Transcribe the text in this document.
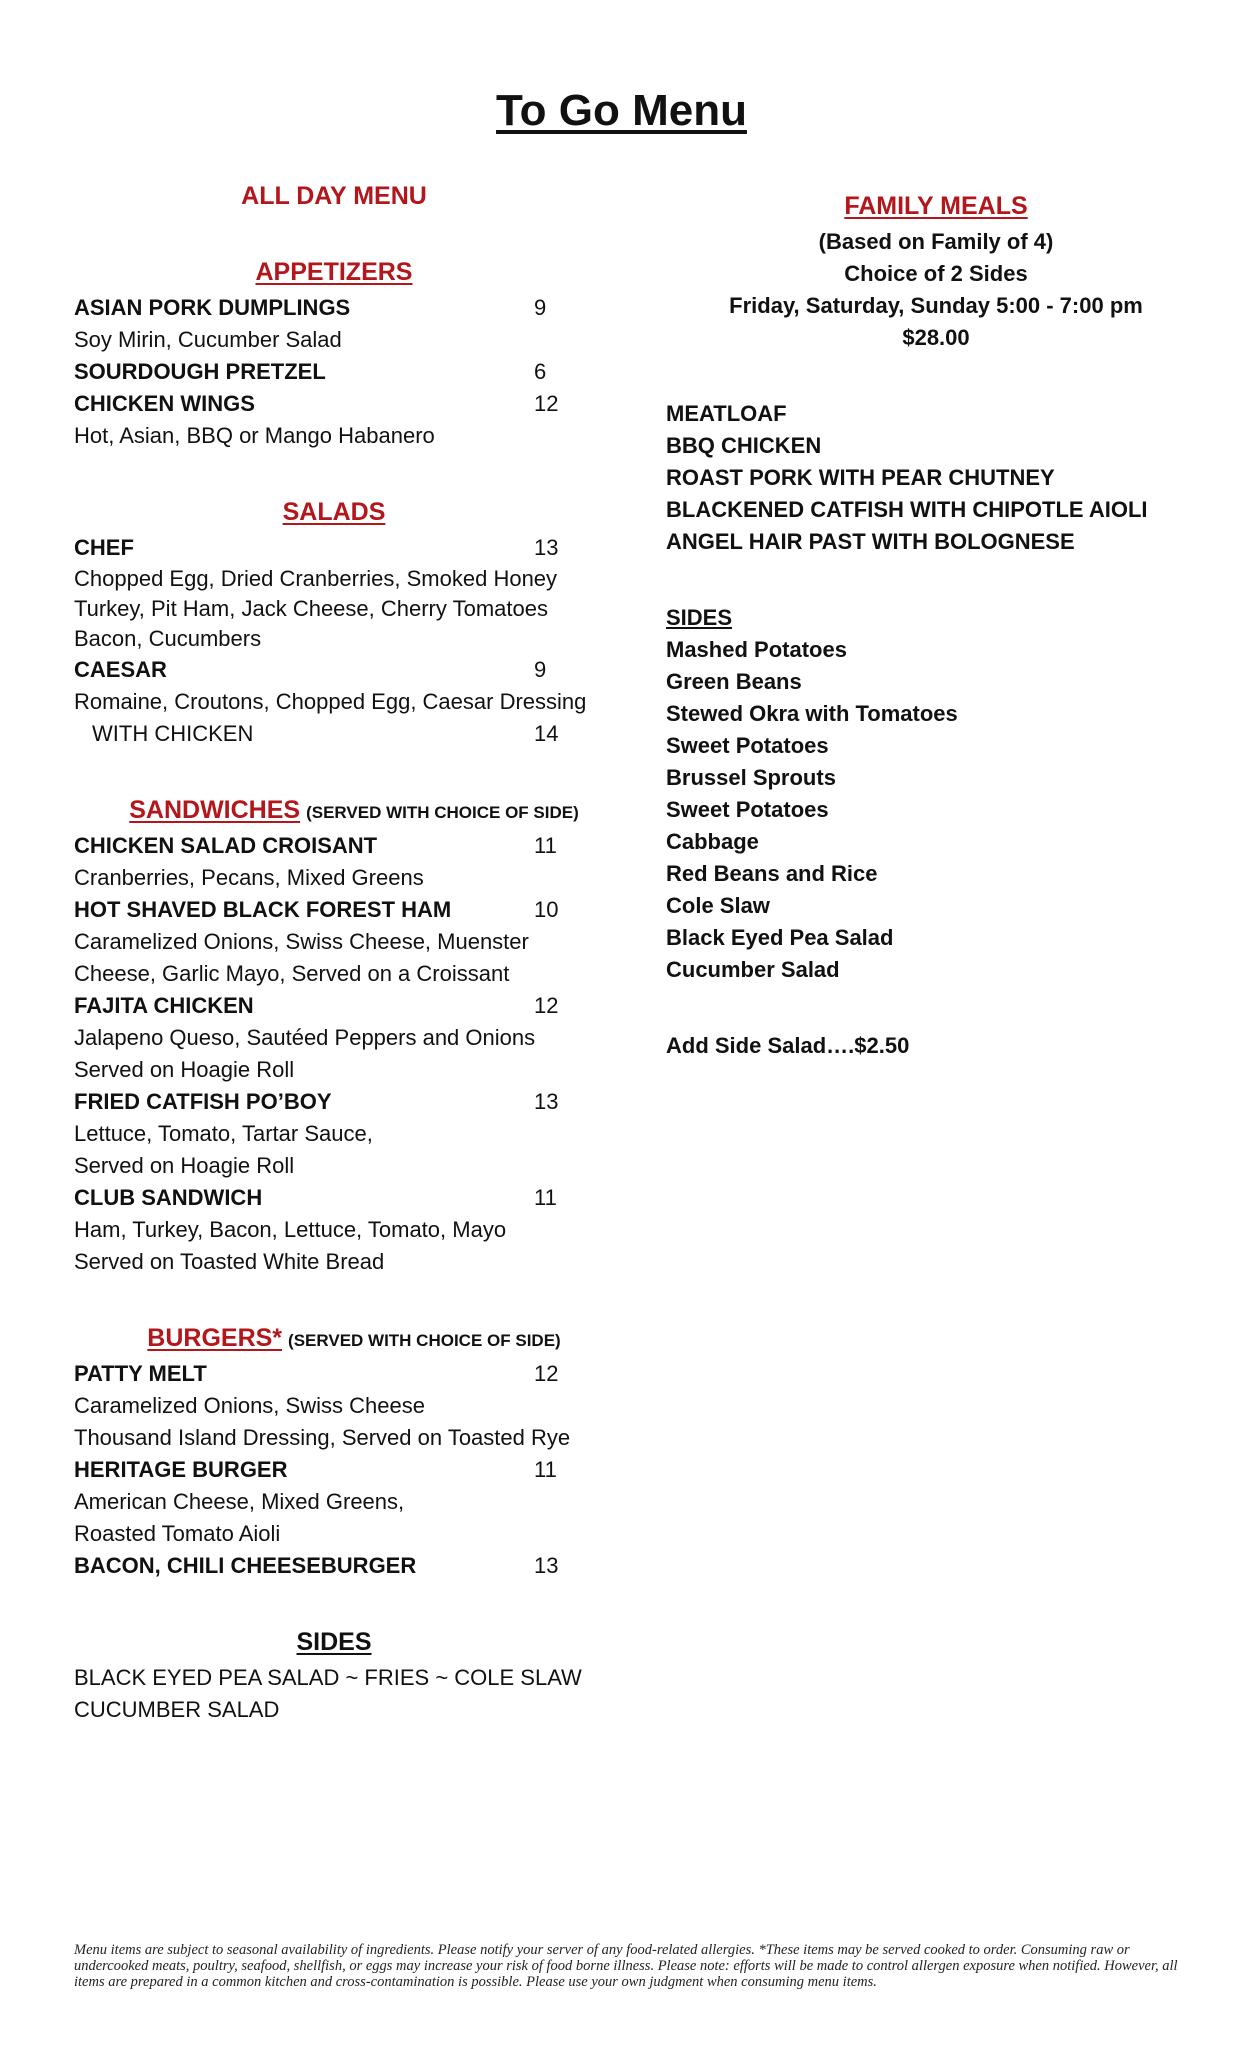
To Go Menu
ALL DAY MENU
APPETIZERS
ASIAN PORK DUMPLINGS	9
Soy Mirin, Cucumber Salad
SOURDOUGH PRETZEL	6
CHICKEN WINGS	12
Hot, Asian, BBQ or Mango Habanero
SALADS
CHEF	13
Chopped Egg, Dried Cranberries, Smoked Honey
Turkey, Pit Ham, Jack Cheese, Cherry Tomatoes
Bacon, Cucumbers
CAESAR	9
Romaine, Croutons, Chopped Egg, Caesar Dressing
WITH CHICKEN	14
SANDWICHES (SERVED WITH CHOICE OF SIDE)
CHICKEN SALAD CROISANT	11
Cranberries, Pecans, Mixed Greens
HOT SHAVED BLACK FOREST HAM	10
Caramelized Onions, Swiss Cheese, Muenster
Cheese, Garlic Mayo, Served on a Croissant
FAJITA CHICKEN	12
Jalapeno Queso, Sautéed Peppers and Onions
Served on Hoagie Roll
FRIED CATFISH PO’BOY	13
Lettuce, Tomato, Tartar Sauce,
Served on Hoagie Roll
CLUB SANDWICH	11
Ham, Turkey, Bacon, Lettuce, Tomato, Mayo
Served on Toasted White Bread
BURGERS* (SERVED WITH CHOICE OF SIDE)
PATTY MELT	12
Caramelized Onions, Swiss Cheese
Thousand Island Dressing, Served on Toasted Rye
HERITAGE BURGER	11
American Cheese, Mixed Greens,
Roasted Tomato Aioli
BACON, CHILI CHEESEBURGER	13
SIDES
BLACK EYED PEA SALAD ~ FRIES ~ COLE SLAW
CUCUMBER SALAD
FAMILY MEALS
(Based on Family of 4)
Choice of 2 Sides
Friday, Saturday, Sunday 5:00 - 7:00 pm
$28.00
MEATLOAF
BBQ CHICKEN
ROAST PORK WITH PEAR CHUTNEY
BLACKENED CATFISH WITH CHIPOTLE AIOLI
ANGEL HAIR PAST WITH BOLOGNESE
SIDES
Mashed Potatoes
Green Beans
Stewed Okra with Tomatoes
Sweet Potatoes
Brussel Sprouts
Sweet Potatoes
Cabbage
Red Beans and Rice
Cole Slaw
Black Eyed Pea Salad
Cucumber Salad
Add Side Salad….$2.50
Menu items are subject to seasonal availability of ingredients. Please notify your server of any food-related allergies. *These items may be served cooked to order. Consuming raw or undercooked meats, poultry, seafood, shellfish, or eggs may increase your risk of food borne illness. Please note: efforts will be made to control allergen exposure when notified. However, all items are prepared in a common kitchen and cross-contamination is possible. Please use your own judgment when consuming menu items.
